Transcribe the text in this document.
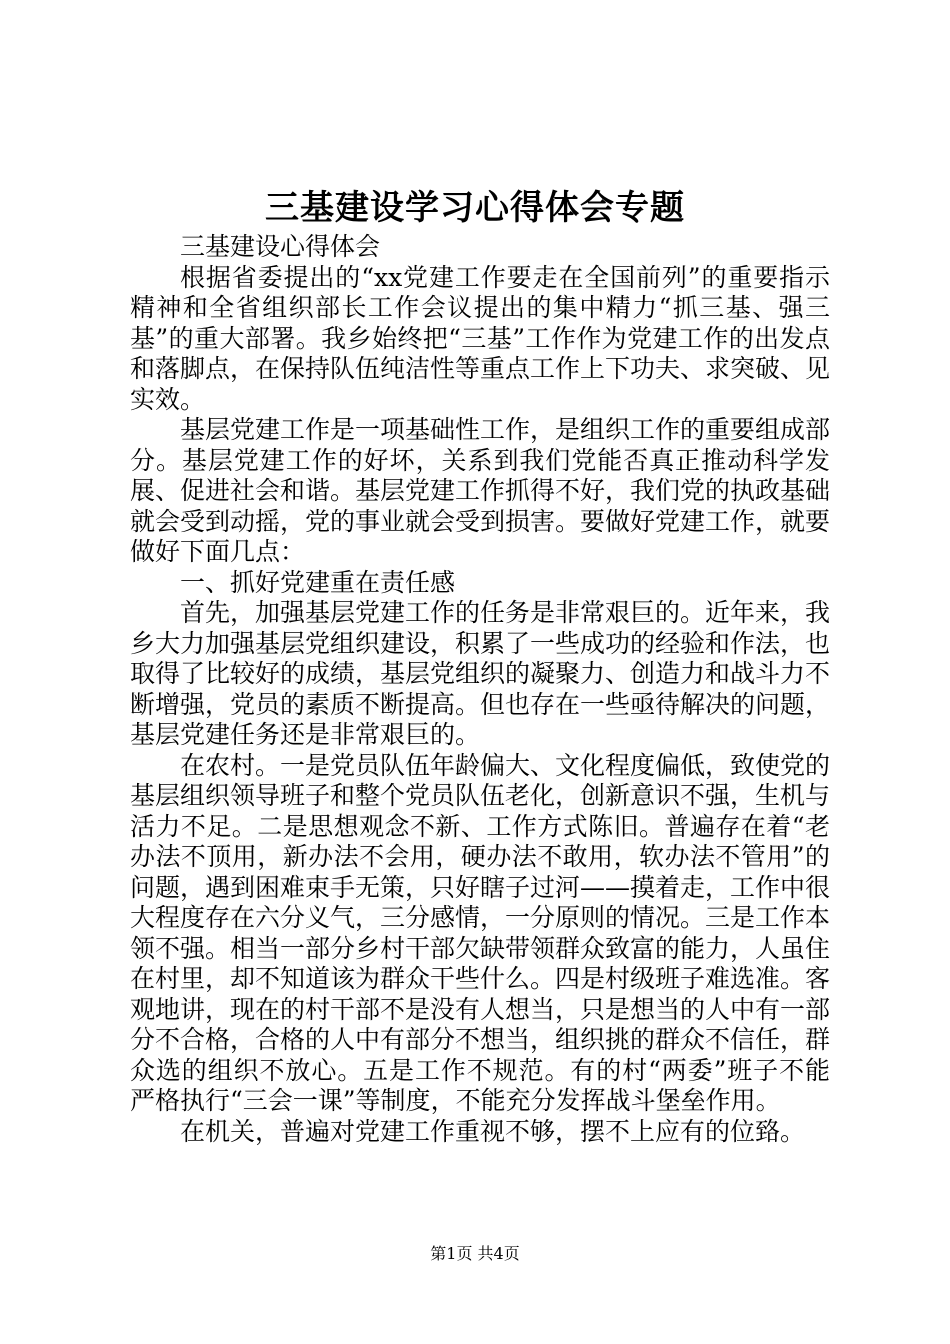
三基建设学习心得体会专题

三基建设心得体会

根据省委提出的“xx党建工作要走在全国前列”的重要指示精神和全省组织部长工作会议提出的集中精力“抓三基、强三基”的重大部署。我乡始终把“三基”工作作为党建工作的出发点和落脚点，在保持队伍纯洁性等重点工作上下功夫、求突破、见实效。

基层党建工作是一项基础性工作，是组织工作的重要组成部分。基层党建工作的好坏，关系到我们党能否真正推动科学发展、促进社会和谐。基层党建工作抓得不好，我们党的执政基础就会受到动摇，党的事业就会受到损害。要做好党建工作，就要做好下面几点：

一、抓好党建重在责任感

首先，加强基层党建工作的任务是非常艰巨的。近年来，我乡大力加强基层党组织建设，积累了一些成功的经验和作法，也取得了比较好的成绩，基层党组织的凝聚力、创造力和战斗力不断增强，党员的素质不断提高。但也存在一些亟待解决的问题，基层党建任务还是非常艰巨的。

在农村。一是党员队伍年龄偏大、文化程度偏低，致使党的基层组织领导班子和整个党员队伍老化，创新意识不强，生机与活力不足。二是思想观念不新、工作方式陈旧。普遍存在着“老办法不顶用，新办法不会用，硬办法不敢用，软办法不管用”的问题，遇到困难束手无策，只好瞎子过河——摸着走，工作中很大程度存在六分义气，三分感情，一分原则的情况。三是工作本领不强。相当一部分乡村干部欠缺带领群众致富的能力，人虽住在村里，却不知道该为群众干些什么。四是村级班子难选准。客观地讲，现在的村干部不是没有人想当，只是想当的人中有一部分不合格，合格的人中有部分不想当，组织挑的群众不信任，群众选的组织不放心。五是工作不规范。有的村“两委”班子不能严格执行“三会一课”等制度，不能充分发挥战斗堡垒作用。

在机关，普遍对党建工作重视不够，摆不上应有的位臵。

第1页 共4页
